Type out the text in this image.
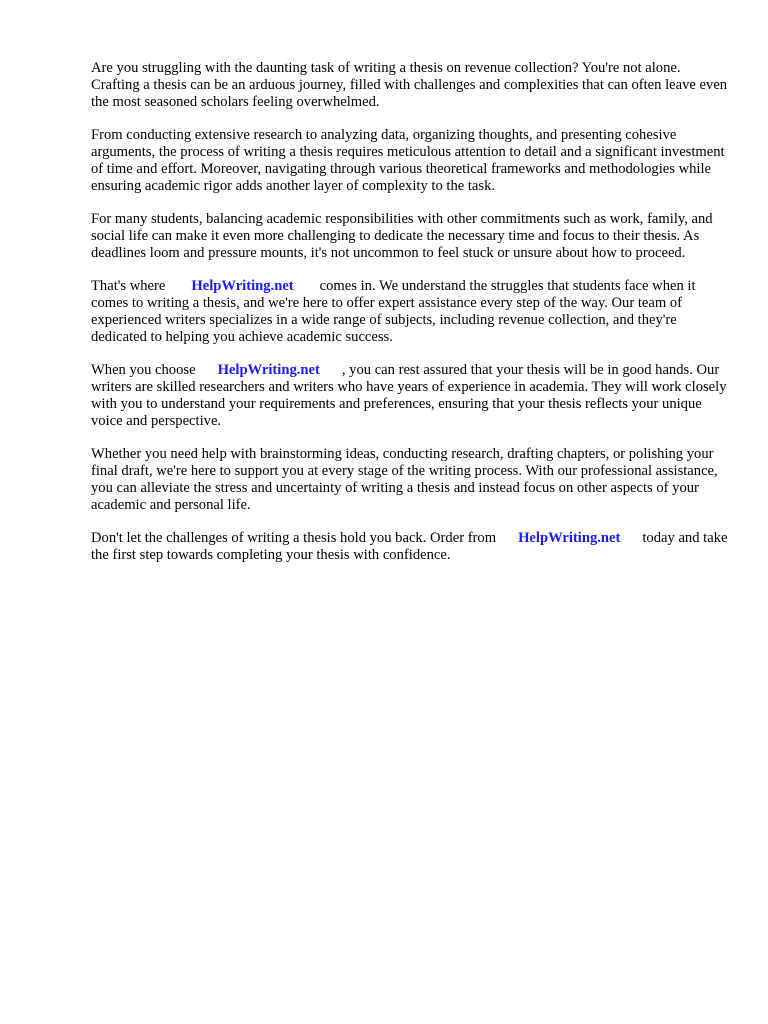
Are you struggling with the daunting task of writing a thesis on revenue collection? You're not alone. Crafting a thesis can be an arduous journey, filled with challenges and complexities that can often leave even the most seasoned scholars feeling overwhelmed.

From conducting extensive research to analyzing data, organizing thoughts, and presenting cohesive arguments, the process of writing a thesis requires meticulous attention to detail and a significant investment of time and effort. Moreover, navigating through various theoretical frameworks and methodologies while ensuring academic rigor adds another layer of complexity to the task.

For many students, balancing academic responsibilities with other commitments such as work, family, and social life can make it even more challenging to dedicate the necessary time and focus to their thesis. As deadlines loom and pressure mounts, it's not uncommon to feel stuck or unsure about how to proceed.

That's where HelpWriting.net comes in. We understand the struggles that students face when it comes to writing a thesis, and we're here to offer expert assistance every step of the way. Our team of experienced writers specializes in a wide range of subjects, including revenue collection, and they're dedicated to helping you achieve academic success.

When you choose HelpWriting.net , you can rest assured that your thesis will be in good hands. Our writers are skilled researchers and writers who have years of experience in academia. They will work closely with you to understand your requirements and preferences, ensuring that your thesis reflects your unique voice and perspective.

Whether you need help with brainstorming ideas, conducting research, drafting chapters, or polishing your final draft, we're here to support you at every stage of the writing process. With our professional assistance, you can alleviate the stress and uncertainty of writing a thesis and instead focus on other aspects of your academic and personal life.

Don't let the challenges of writing a thesis hold you back. Order from HelpWriting.net today and take the first step towards completing your thesis with confidence.
